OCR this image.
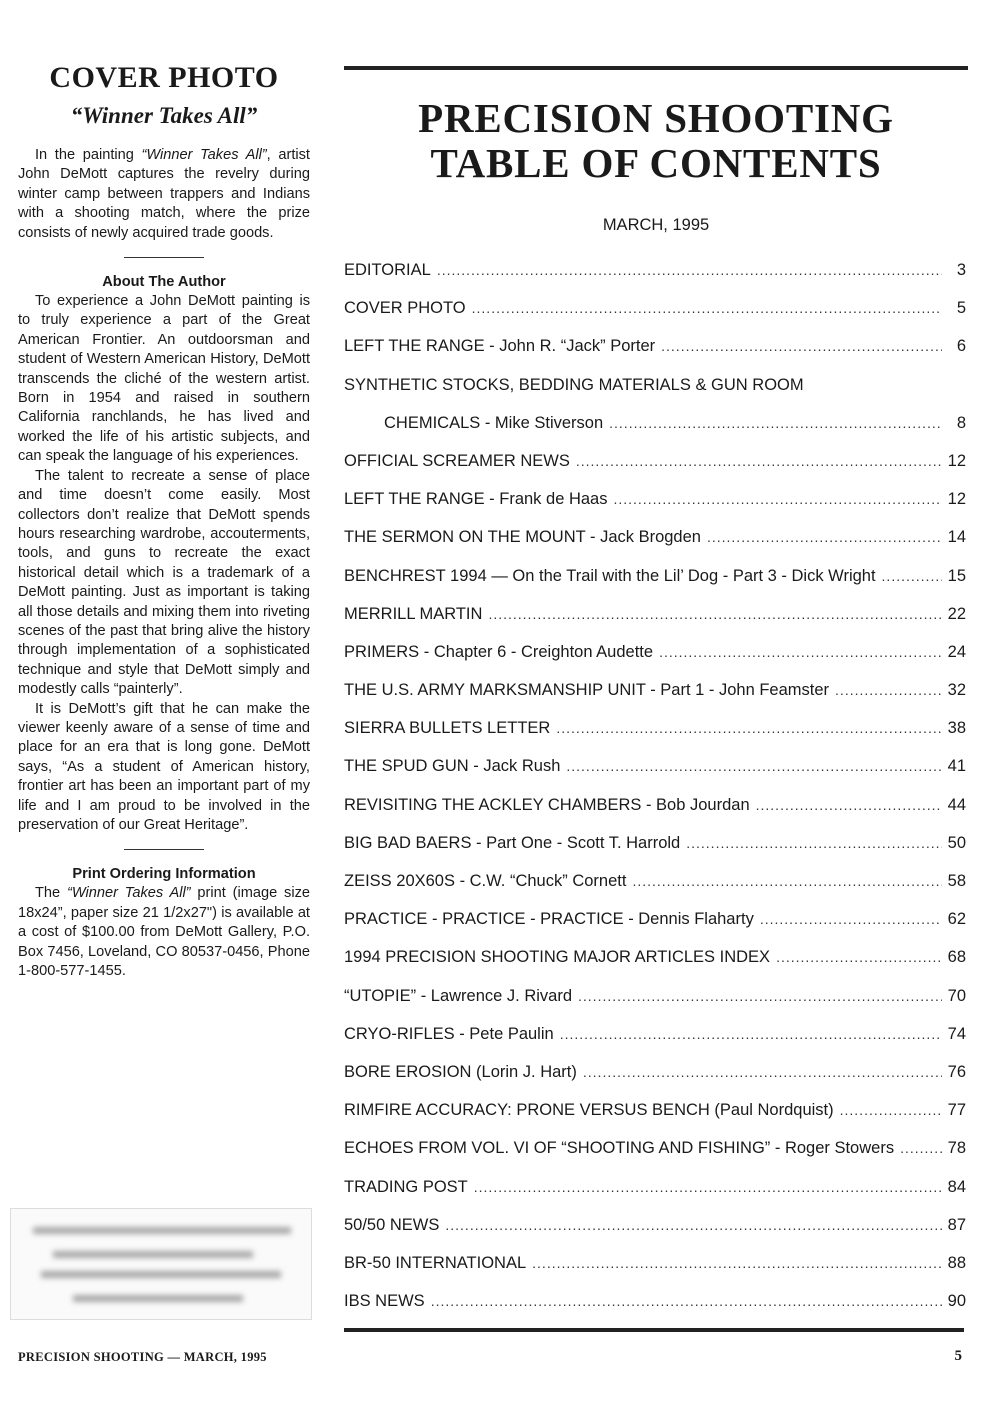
COVER PHOTO
“Winner Takes All”

In the painting “Winner Takes All”, artist John DeMott captures the revelry during winter camp between trappers and Indians with a shooting match, where the prize consists of newly acquired trade goods.

About The Author

To experience a John DeMott painting is to truly experience a part of the Great American Frontier. An outdoorsman and student of Western American History, DeMott transcends the cliché of the western artist. Born in 1954 and raised in southern California ranchlands, he has lived and worked the life of his artistic subjects, and can speak the language of his experiences.

The talent to recreate a sense of place and time doesn’t come easily. Most collectors don’t realize that DeMott spends hours researching wardrobe, accouterments, tools, and guns to recreate the exact historical detail which is a trademark of a DeMott painting. Just as important is taking all those details and mixing them into riveting scenes of the past that bring alive the history through implementation of a sophisticated technique and style that DeMott simply and modestly calls “painterly”.

It is DeMott’s gift that he can make the viewer keenly aware of a sense of time and place for an era that is long gone. DeMott says, “As a student of American history, frontier art has been an important part of my life and I am proud to be involved in the preservation of our Great Heritage”.

Print Ordering Information

The “Winner Takes All” print (image size 18x24”, paper size 21 1/2x27") is available at a cost of $100.00 from DeMott Gallery, P.O. Box 7456, Loveland, CO 80537-0456, Phone 1-800-577-1455.

PRECISION SHOOTING
TABLE OF CONTENTS
MARCH, 1995
EDITORIAL .....	3
COVER PHOTO .....	5
LEFT THE RANGE - John R. “Jack” Porter .....	6
SYNTHETIC STOCKS, BEDDING MATERIALS & GUN ROOM
CHEMICALS - Mike Stiverson .....	8
OFFICIAL SCREAMER NEWS .....	12
LEFT THE RANGE - Frank de Haas .....	12
THE SERMON ON THE MOUNT - Jack Brogden .....	14
BENCHREST 1994 — On the Trail with the Lil’ Dog - Part 3 - Dick Wright .....	15
MERRILL MARTIN .....	22
PRIMERS - Chapter 6 - Creighton Audette .....	24
THE U.S. ARMY MARKSMANSHIP UNIT - Part 1 - John Feamster .....	32
SIERRA BULLETS LETTER .....	38
THE SPUD GUN - Jack Rush .....	41
REVISITING THE ACKLEY CHAMBERS - Bob Jourdan .....	44
BIG BAD BAERS - Part One - Scott T. Harrold .....	50
ZEISS 20X60S - C.W. “Chuck” Cornett .....	58
PRACTICE - PRACTICE - PRACTICE - Dennis Flaharty .....	62
1994 PRECISION SHOOTING MAJOR ARTICLES INDEX .....	68
“UTOPIE” - Lawrence J. Rivard .....	70
CRYO-RIFLES - Pete Paulin .....	74
BORE EROSION (Lorin J. Hart) .....	76
RIMFIRE ACCURACY: PRONE VERSUS BENCH (Paul Nordquist) .....	77
ECHOES FROM VOL. VI OF “SHOOTING AND FISHING” - Roger Stowers .....	78
TRADING POST .....	84
50/50 NEWS .....	87
BR-50 INTERNATIONAL .....	88
IBS NEWS .....	90
PRECISION SHOOTING — MARCH, 1995	5
